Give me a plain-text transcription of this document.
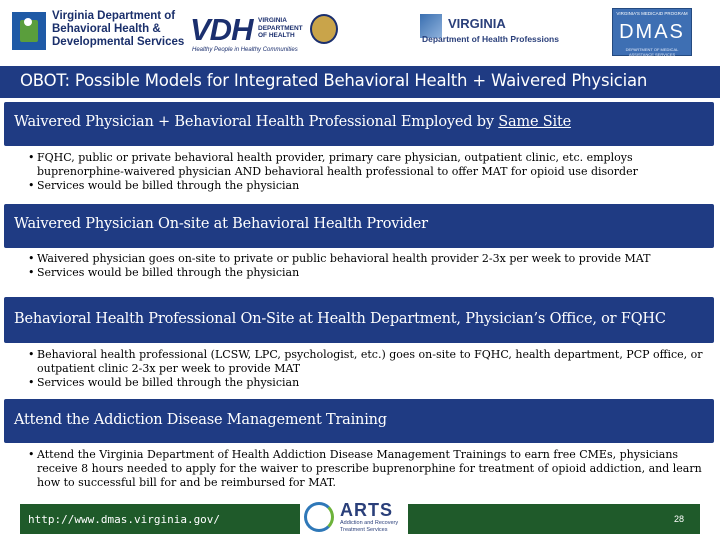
Virginia Department of
Behavioral Health &
Developmental Services VDH VIRGINIA
DEPARTMENT
OF HEALTH
Healthy People in Healthy Communities
VIRGINIA
Department of Health Professions
VIRGINIA'S MEDICAID PROGRAM
DMAS
DEPARTMENT OF MEDICAL ASSISTANCE SERVICES
OBOT: Possible Models for Integrated Behavioral Health + Waivered Physician
Waivered Physician + Behavioral Health Professional Employed by Same Site
• FQHC, public or private behavioral health provider, primary care physician, outpatient clinic, etc. employs buprenorphine-waivered physician AND behavioral health professional to offer MAT for opioid use disorder
• Services would be billed through the physician
Waivered Physician On-site at Behavioral Health Provider
• Waivered physician goes on-site to private or public behavioral health provider 2-3x per week to provide MAT
• Services would be billed through the physician
Behavioral Health Professional On-Site at Health Department, Physician’s Office, or FQHC
• Behavioral health professional (LCSW, LPC, psychologist, etc.) goes on-site to FQHC, health department, PCP office, or outpatient clinic 2-3x per week to provide MAT
• Services would be billed through the physician
Attend the Addiction Disease Management Training
• Attend the Virginia Department of Health Addiction Disease Management Trainings to earn free CMEs, physicians receive 8 hours needed to apply for the waiver to prescribe buprenorphine for treatment of opioid addiction, and learn how to successful bill for and be reimbursed for MAT.
http://www.dmas.virginia.gov/	28
ARTS
Addiction and Recovery
Treatment Services
